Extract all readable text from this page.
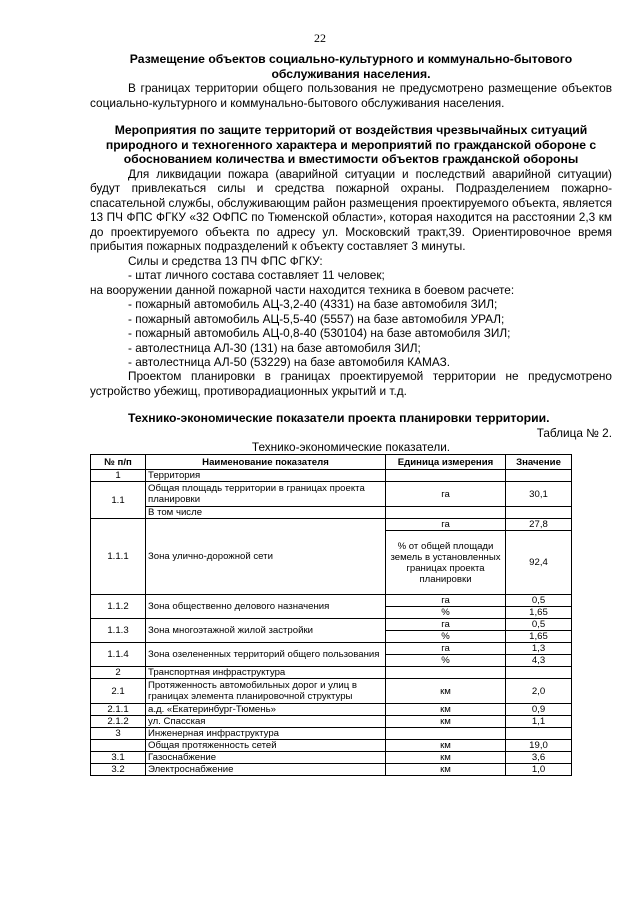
22

Размещение объектов социально-культурного и коммунально-бытового обслуживания населения.

В границах территории общего пользования не предусмотрено размещение объектов социально-культурного и коммунально-бытового обслуживания населения.

Мероприятия по защите территорий от воздействия чрезвычайных ситуаций природного и техногенного характера и мероприятий по гражданской обороне с обоснованием количества и вместимости объектов гражданской обороны

Для ликвидации пожара (аварийной ситуации и последствий аварийной ситуации) будут привлекаться силы и средства пожарной охраны. Подразделением пожарно-спасательной службы, обслуживающим район размещения проектируемого объекта, является 13 ПЧ ФПС ФГКУ «32 ОФПС по Тюменской области», которая находится на расстоянии 2,3 км до проектируемого объекта по адресу ул. Московский тракт,39. Ориентировочное время прибытия пожарных подразделений к объекту составляет 3 минуты.

Силы и средства 13 ПЧ ФПС ФГКУ:

- штат личного состава составляет 11 человек;

на вооружении данной пожарной части находится техника в боевом расчете:

- пожарный автомобиль АЦ-3,2-40 (4331) на базе автомобиля ЗИЛ;

- пожарный автомобиль АЦ-5,5-40 (5557) на базе автомобиля УРАЛ;

- пожарный автомобиль АЦ-0,8-40 (530104) на базе автомобиля ЗИЛ;

- автолестница АЛ-30 (131) на базе автомобиля ЗИЛ;

- автолестница АЛ-50 (53229) на базе автомобиля КАМАЗ.

Проектом планировки в границах проектируемой территории не предусмотрено устройство убежищ, противорадиационных укрытий и т.д.

Технико-экономические показатели проекта планировки территории.

Таблица № 2.

Технико-экономические показатели.

№ п/п	Наименование показателя	Единица измерения	Значение
1	Территория		
1.1	Общая площадь территории в границах проекта планировки	га	30,1
	В том числе		
1.1.1	Зона улично-дорожной сети	га	27,8
		% от общей площади земель в установленных границах проекта планировки	92,4
1.1.2	Зона общественно делового назначения	га	0,5
		%	1,65
1.1.3	Зона многоэтажной жилой застройки	га	0,5
		%	1,65
1.1.4	Зона озелененных территорий общего пользования	га	1,3
		%	4,3
2	Транспортная инфраструктура		
2.1	Протяженность автомобильных дорог и улиц в границах элемента планировочной структуры	км	2,0
2.1.1	а.д. «Екатеринбург-Тюмень»	км	0,9
2.1.2	ул. Спасская	км	1,1
3	Инженерная инфраструктура		
	Общая протяженность сетей	км	19,0
3.1	Газоснабжение	км	3,6
3.2	Электроснабжение	км	1,0
